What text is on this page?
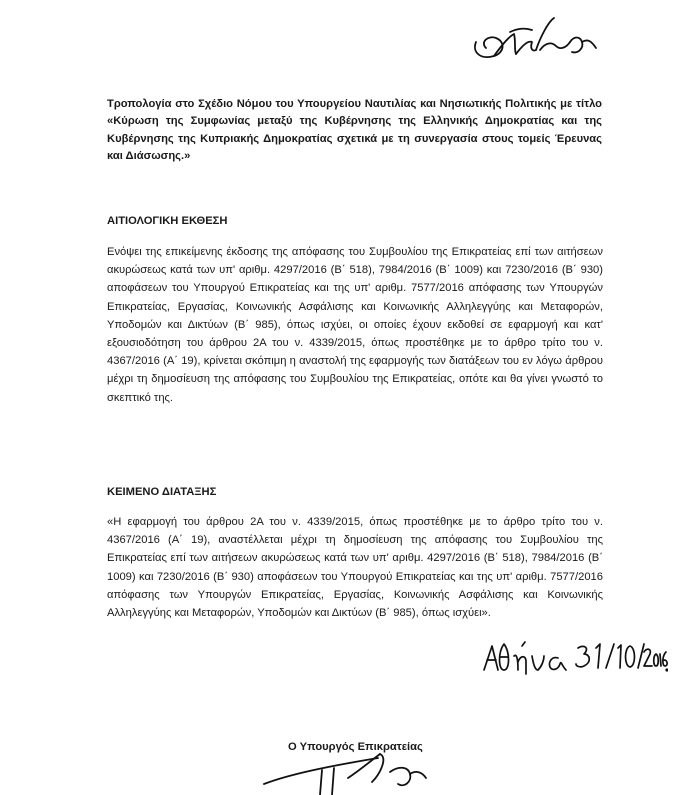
Τροπολογία στο Σχέδιο Νόμου του Υπουργείου Ναυτιλίας και Νησιωτικής Πολιτικής με τίτλο «Κύρωση της Συμφωνίας μεταξύ της Κυβέρνησης της Ελληνικής Δημοκρατίας και της Κυβέρνησης της Κυπριακής Δημοκρατίας σχετικά με τη συνεργασία στους τομείς Έρευνας και Διάσωσης.»
ΑΙΤΙΟΛΟΓΙΚΗ ΕΚΘΕΣΗ
Ενόψει της επικείμενης έκδοσης της απόφασης του Συμβουλίου της Επικρατείας επί των αιτήσεων ακυρώσεως κατά των υπ' αριθμ. 4297/2016 (Β΄ 518), 7984/2016 (Β΄ 1009) και 7230/2016 (Β΄ 930) αποφάσεων του Υπουργού Επικρατείας και της υπ' αριθμ. 7577/2016 απόφασης των Υπουργών Επικρατείας, Εργασίας, Κοινωνικής Ασφάλισης και Κοινωνικής Αλληλεγγύης και Μεταφορών, Υποδομών και Δικτύων (Β΄ 985), όπως ισχύει, οι οποίες έχουν εκδοθεί σε εφαρμογή και κατ' εξουσιοδότηση του άρθρου 2Α του ν. 4339/2015, όπως προστέθηκε με το άρθρο τρίτο του ν. 4367/2016 (Α΄ 19), κρίνεται σκόπιμη η αναστολή της εφαρμογής των διατάξεων του εν λόγω άρθρου μέχρι τη δημοσίευση της απόφασης του Συμβουλίου της Επικρατείας, οπότε και θα γίνει γνωστό το σκεπτικό της.
ΚΕΙΜΕΝΟ ΔΙΑΤΑΞΗΣ
«Η εφαρμογή του άρθρου 2Α του ν. 4339/2015, όπως προστέθηκε με το άρθρο τρίτο του ν. 4367/2016 (Α΄ 19), αναστέλλεται μέχρι τη δημοσίευση της απόφασης του Συμβουλίου της Επικρατείας επί των αιτήσεων ακυρώσεως κατά των υπ' αριθμ. 4297/2016 (Β΄ 518), 7984/2016 (Β΄ 1009) και 7230/2016 (Β΄ 930) αποφάσεων του Υπουργού Επικρατείας και της υπ' αριθμ. 7577/2016 απόφασης των Υπουργών Επικρατείας, Εργασίας, Κοινωνικής Ασφάλισης και Κοινωνικής Αλληλεγγύης και Μεταφορών, Υποδομών και Δικτύων (Β΄ 985), όπως ισχύει».
Ο Υπουργός Επικρατείας
